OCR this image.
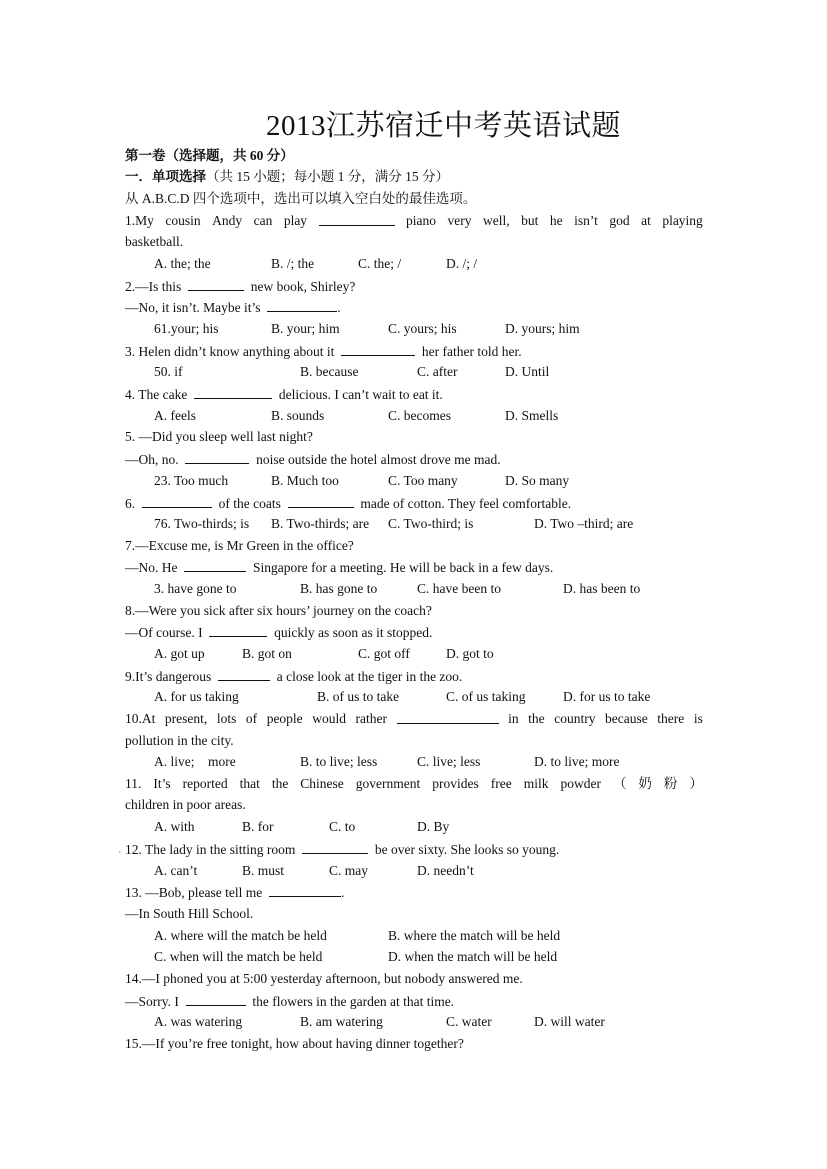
2013江苏宿迁中考英语试题
第一卷（选择题，共 60 分）
一．单项选择（共 15 小题；每小题 1 分，满分 15 分）
从 A.B.C.D 四个选项中，选出可以填入空白处的最佳选项。
1.My cousin Andy can play	piano very well, but he isn’t god at playing
basketball.
A. the; the	B. /; the	C. the; /	D. /; /
2.—Is this	new book, Shirley?
—No, it isn’t. Maybe it’s	.
61.your; his	B. your; him	C. yours; his	D. yours; him
3. Helen didn’t know anything about it	her father told her.
50. if	B. because	C. after	D. Until
4. The cake	delicious. I can’t wait to eat it.
A. feels	B. sounds	C. becomes	D. Smells
5. —Did you sleep well last night?
—Oh, no.	noise outside the hotel almost drove me mad.
23. Too much	B. Much too	C. Too many	D. So many
6.	of the coats	made of cotton. They feel comfortable.
76. Two-thirds; is B. Two-thirds; are C. Two-third; is	D. Two –third; are
7.—Excuse me, is Mr Green in the office?
—No. He	Singapore for a meeting. He will be back in a few days.
3. have gone to	B. has gone to	C. have been to	D. has been to
8.—Were you sick after six hours’ journey on the coach?
—Of course. I	quickly as soon as it stopped.
A. got up	B. got on	C. got off	D. got to
9.It’s dangerous	a close look at the tiger in the zoo.
A. for us taking	B. of us to take	C. of us taking	D. for us to take
10.At present, lots of people would rather	in the country because there is
pollution in the city.
A. live;    more	B. to live; less	C. live; less	D. to live; more
11. It’s reported that the Chinese government provides free milk powder （ 奶 粉 ）
children in poor areas.
A. with	B. for	C. to	D. By
. 12. The lady in the sitting room	be over sixty. She looks so young.
A. can’t	B. must	C. may	D. needn’t
13. —Bob, please tell me	.
—In South Hill School.
A. where will the match be held	B. where the match will be held
C. when will the match be held	D. when the match will be held
14.—I phoned you at 5:00 yesterday afternoon, but nobody answered me.
—Sorry. I	the flowers in the garden at that time.
A. was watering	B. am watering	C. water	D. will water
15.—If you’re free tonight, how about having dinner together?
